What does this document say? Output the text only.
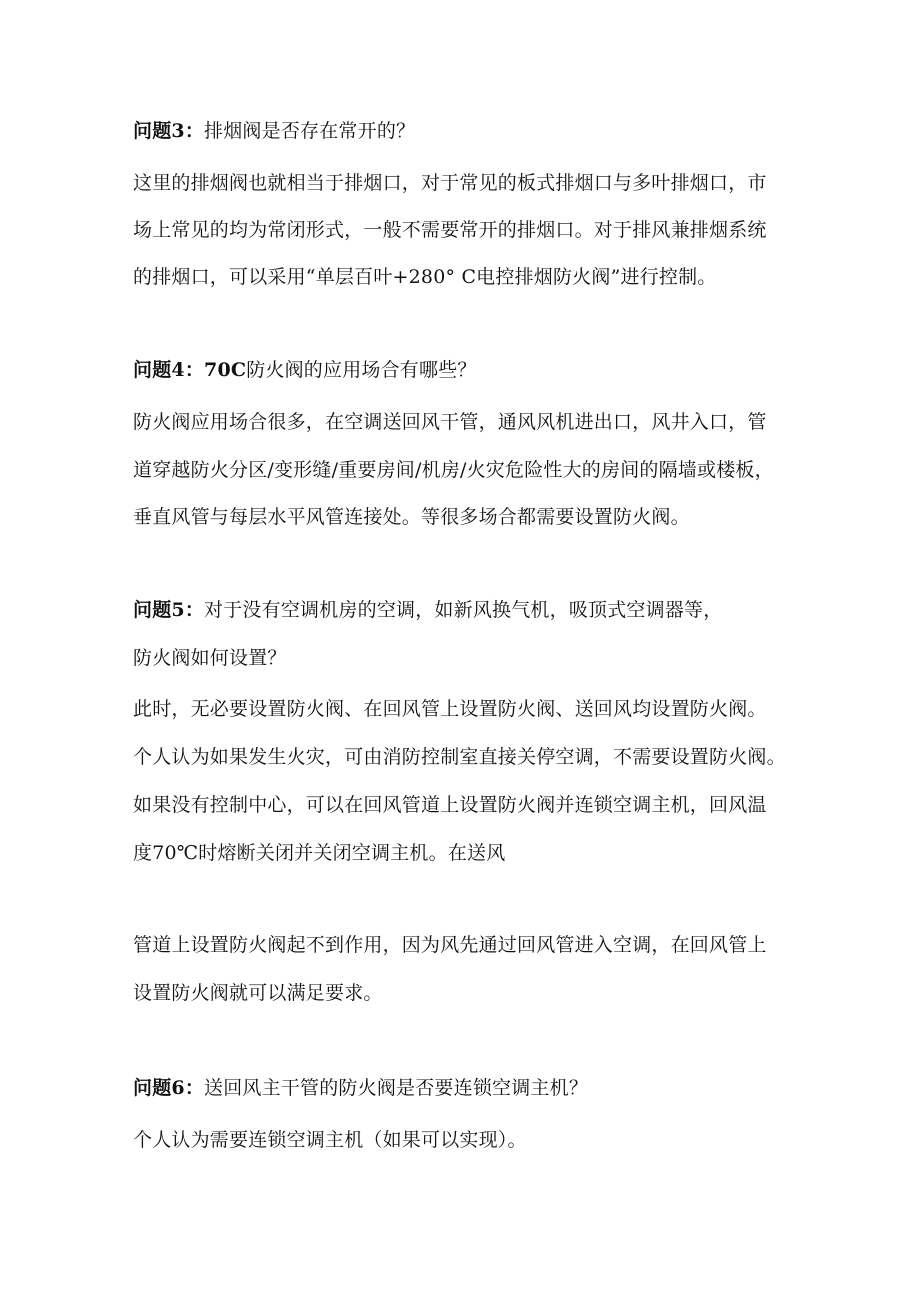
问题3：排烟阀是否存在常开的？
这里的排烟阀也就相当于排烟口，对于常见的板式排烟口与多叶排烟口，市
场上常见的均为常闭形式，一般不需要常开的排烟口。对于排风兼排烟系统
的排烟口，可以采用“单层百叶+280° C电控排烟防火阀”进行控制。
问题4：70C防火阀的应用场合有哪些？
防火阀应用场合很多，在空调送回风干管，通风风机进出口，风井入口，管
道穿越防火分区/变形缝/重要房间/机房/火灾危险性大的房间的隔墙或楼板，
垂直风管与每层水平风管连接处。等很多场合都需要设置防火阀。
问题5：对于没有空调机房的空调，如新风换气机，吸顶式空调器等，
防火阀如何设置？
此时，无必要设置防火阀、在回风管上设置防火阀、送回风均设置防火阀。
个人认为如果发生火灾，可由消防控制室直接关停空调，不需要设置防火阀。
如果没有控制中心，可以在回风管道上设置防火阀并连锁空调主机，回风温
度70℃时熔断关闭并关闭空调主机。在送风
管道上设置防火阀起不到作用，因为风先通过回风管进入空调，在回风管上
设置防火阀就可以满足要求。
问题6：送回风主干管的防火阀是否要连锁空调主机？
个人认为需要连锁空调主机（如果可以实现）。
